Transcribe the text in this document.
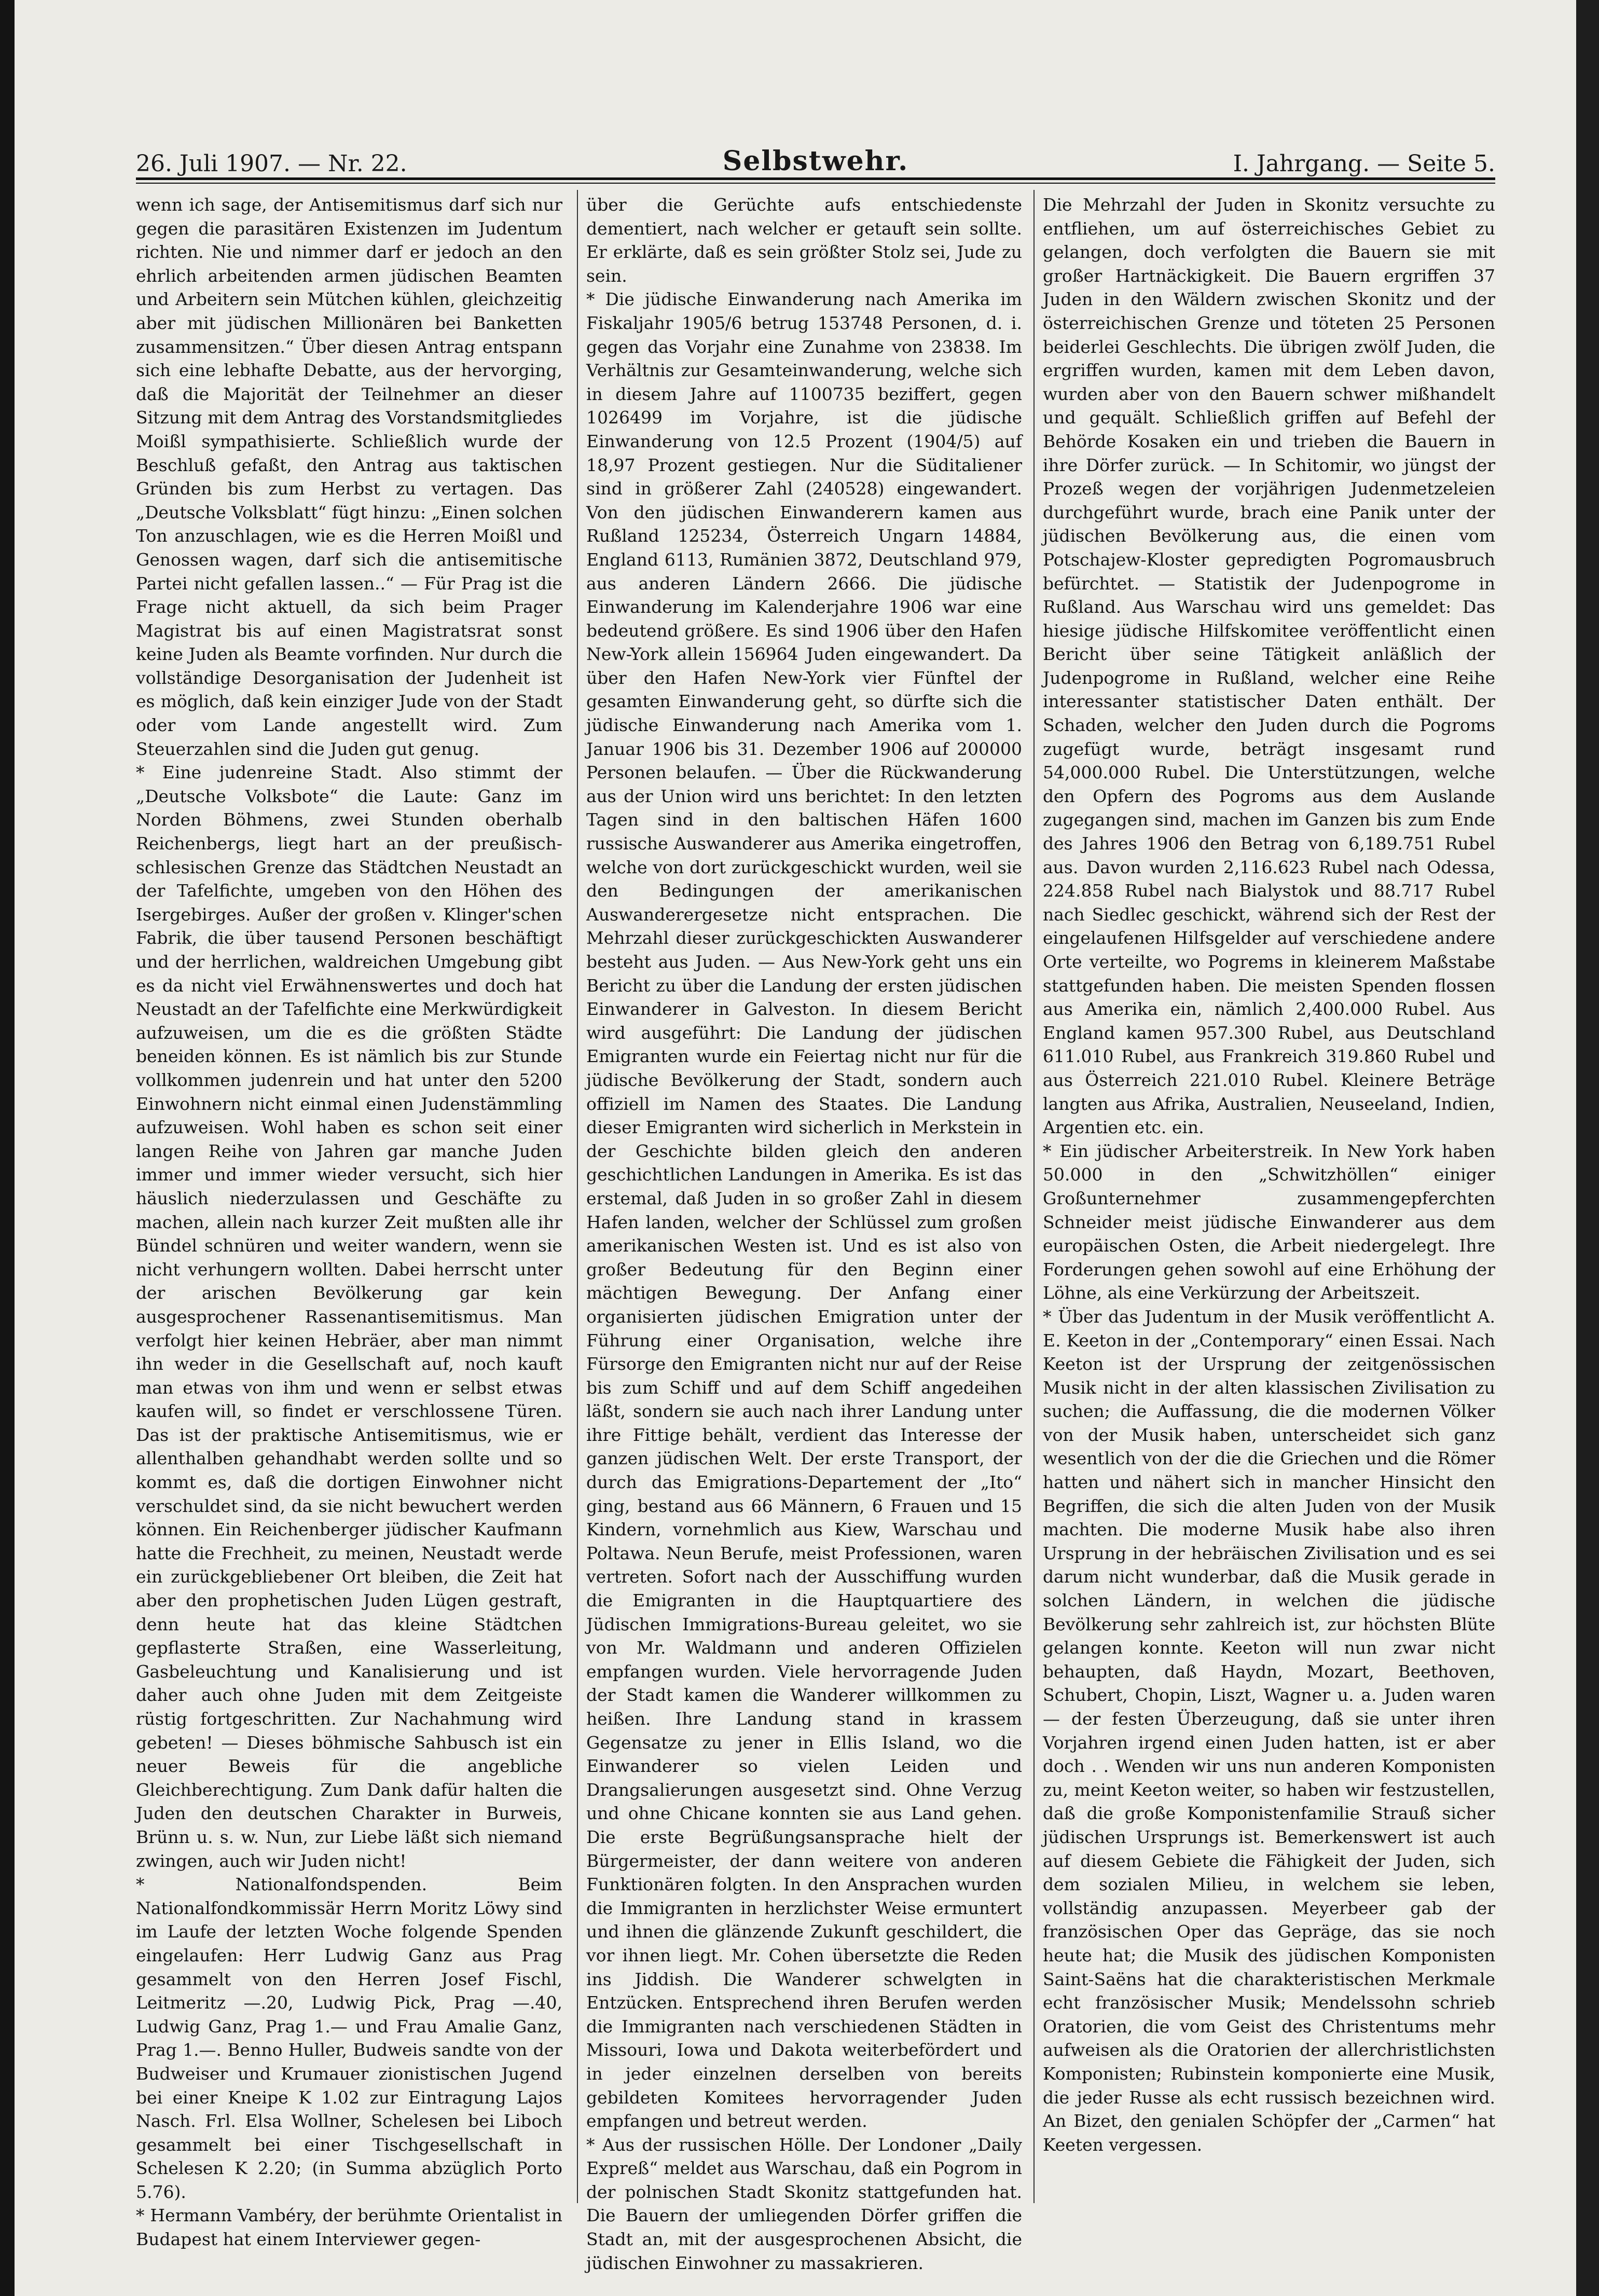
26. Juli 1907. — Nr. 22.	Selbstwehr.	I. Jahrgang. — Seite 5.

wenn ich sage, der Antisemitismus darf sich nur gegen die parasitären Existenzen im Judentum richten. Nie und nimmer darf er jedoch an den ehrlich arbeitenden armen jüdischen Beamten und Arbeitern sein Mütchen kühlen, gleichzeitig aber mit jüdischen Millionären bei Banketten zusammensitzen.“ Über diesen Antrag entspann sich eine lebhafte Debatte, aus der hervorging, daß die Majorität der Teilnehmer an dieser Sitzung mit dem Antrag des Vorstandsmitgliedes Moißl sympathisierte. Schließlich wurde der Beschluß gefaßt, den Antrag aus taktischen Gründen bis zum Herbst zu vertagen. Das „Deutsche Volksblatt“ fügt hinzu: „Einen solchen Ton anzuschlagen, wie es die Herren Moißl und Genossen wagen, darf sich die antisemitische Partei nicht gefallen lassen..“ — Für Prag ist die Frage nicht aktuell, da sich beim Prager Magistrat bis auf einen Magistratsrat sonst keine Juden als Beamte vorfinden. Nur durch die vollständige Desorganisation der Judenheit ist es möglich, daß kein einziger Jude von der Stadt oder vom Lande angestellt wird. Zum Steuerzahlen sind die Juden gut genug.

* Eine judenreine Stadt. Also stimmt der „Deutsche Volksbote“ die Laute: Ganz im Norden Böhmens, zwei Stunden oberhalb Reichenbergs, liegt hart an der preußisch-schlesischen Grenze das Städtchen Neustadt an der Tafelfichte, umgeben von den Höhen des Isergebirges. Außer der großen v. Klinger'schen Fabrik, die über tausend Personen beschäftigt und der herrlichen, waldreichen Umgebung gibt es da nicht viel Erwähnenswertes und doch hat Neustadt an der Tafelfichte eine Merkwürdigkeit aufzuweisen, um die es die größten Städte beneiden können. Es ist nämlich bis zur Stunde vollkommen judenrein und hat unter den 5200 Einwohnern nicht einmal einen Judenstämmling aufzuweisen. Wohl haben es schon seit einer langen Reihe von Jahren gar manche Juden immer und immer wieder versucht, sich hier häuslich niederzulassen und Geschäfte zu machen, allein nach kurzer Zeit mußten alle ihr Bündel schnüren und weiter wandern, wenn sie nicht verhungern wollten. Dabei herrscht unter der arischen Bevölkerung gar kein ausgesprochener Rassenantisemitismus. Man verfolgt hier keinen Hebräer, aber man nimmt ihn weder in die Gesellschaft auf, noch kauft man etwas von ihm und wenn er selbst etwas kaufen will, so findet er verschlossene Türen. Das ist der praktische Antisemitismus, wie er allenthalben gehandhabt werden sollte und so kommt es, daß die dortigen Einwohner nicht verschuldet sind, da sie nicht bewuchert werden können. Ein Reichenberger jüdischer Kaufmann hatte die Frechheit, zu meinen, Neustadt werde ein zurückgebliebener Ort bleiben, die Zeit hat aber den prophetischen Juden Lügen gestraft, denn heute hat das kleine Städtchen gepflasterte Straßen, eine Wasserleitung, Gasbeleuchtung und Kanalisierung und ist daher auch ohne Juden mit dem Zeitgeiste rüstig fortgeschritten. Zur Nachahmung wird gebeten! — Dieses böhmische Sahbusch ist ein neuer Beweis für die angebliche Gleichberechtigung. Zum Dank dafür halten die Juden den deutschen Charakter in Burweis, Brünn u. s. w. Nun, zur Liebe läßt sich niemand zwingen, auch wir Juden nicht!

* Nationalfondspenden. Beim Nationalfondkommissär Herrn Moritz Löwy sind im Laufe der letzten Woche folgende Spenden eingelaufen: Herr Ludwig Ganz aus Prag gesammelt von den Herren Josef Fischl, Leitmeritz —.20, Ludwig Pick, Prag —.40, Ludwig Ganz, Prag 1.— und Frau Amalie Ganz, Prag 1.—. Benno Huller, Budweis sandte von der Budweiser und Krumauer zionistischen Jugend bei einer Kneipe K 1.02 zur Eintragung Lajos Nasch. Frl. Elsa Wollner, Schelesen bei Liboch gesammelt bei einer Tischgesellschaft in Schelesen K 2.20; (in Summa abzüglich Porto 5.76).

* Hermann Vambéry, der berühmte Orientalist in Budapest hat einem Interviewer gegen-

über die Gerüchte aufs entschiedenste dementiert, nach welcher er getauft sein sollte. Er erklärte, daß es sein größter Stolz sei, Jude zu sein.

* Die jüdische Einwanderung nach Amerika im Fiskaljahr 1905/6 betrug 153748 Personen, d. i. gegen das Vorjahr eine Zunahme von 23838. Im Verhältnis zur Gesamteinwanderung, welche sich in diesem Jahre auf 1100735 beziffert, gegen 1026499 im Vorjahre, ist die jüdische Einwanderung von 12.5 Prozent (1904/5) auf 18,97 Prozent gestiegen. Nur die Süditaliener sind in größerer Zahl (240528) eingewandert. Von den jüdischen Einwanderern kamen aus Rußland 125234, Österreich Ungarn 14884, England 6113, Rumänien 3872, Deutschland 979, aus anderen Ländern 2666. Die jüdische Einwanderung im Kalenderjahre 1906 war eine bedeutend größere. Es sind 1906 über den Hafen New-York allein 156964 Juden eingewandert. Da über den Hafen New-York vier Fünftel der gesamten Einwanderung geht, so dürfte sich die jüdische Einwanderung nach Amerika vom 1. Januar 1906 bis 31. Dezember 1906 auf 200000 Personen belaufen. — Über die Rückwanderung aus der Union wird uns berichtet: In den letzten Tagen sind in den baltischen Häfen 1600 russische Auswanderer aus Amerika eingetroffen, welche von dort zurückgeschickt wurden, weil sie den Bedingungen der amerikanischen Auswanderergesetze nicht entsprachen. Die Mehrzahl dieser zurückgeschickten Auswanderer besteht aus Juden. — Aus New-York geht uns ein Bericht zu über die Landung der ersten jüdischen Einwanderer in Galveston. In diesem Bericht wird ausgeführt: Die Landung der jüdischen Emigranten wurde ein Feiertag nicht nur für die jüdische Bevölkerung der Stadt, sondern auch offiziell im Namen des Staates. Die Landung dieser Emigranten wird sicherlich in Merkstein in der Geschichte bilden gleich den anderen geschichtlichen Landungen in Amerika. Es ist das erstemal, daß Juden in so großer Zahl in diesem Hafen landen, welcher der Schlüssel zum großen amerikanischen Westen ist. Und es ist also von großer Bedeutung für den Beginn einer mächtigen Bewegung. Der Anfang einer organisierten jüdischen Emigration unter der Führung einer Organisation, welche ihre Fürsorge den Emigranten nicht nur auf der Reise bis zum Schiff und auf dem Schiff angedeihen läßt, sondern sie auch nach ihrer Landung unter ihre Fittige behält, verdient das Interesse der ganzen jüdischen Welt. Der erste Transport, der durch das Emigrations-Departement der „Ito“ ging, bestand aus 66 Männern, 6 Frauen und 15 Kindern, vornehmlich aus Kiew, Warschau und Poltawa. Neun Berufe, meist Professionen, waren vertreten. Sofort nach der Ausschiffung wurden die Emigranten in die Hauptquartiere des Jüdischen Immigrations-Bureau geleitet, wo sie von Mr. Waldmann und anderen Offizielen empfangen wurden. Viele hervorragende Juden der Stadt kamen die Wanderer willkommen zu heißen. Ihre Landung stand in krassem Gegensatze zu jener in Ellis Island, wo die Einwanderer so vielen Leiden und Drangsalierungen ausgesetzt sind. Ohne Verzug und ohne Chicane konnten sie aus Land gehen. Die erste Begrüßungsansprache hielt der Bürgermeister, der dann weitere von anderen Funktionären folgten. In den Ansprachen wurden die Immigranten in herzlichster Weise ermuntert und ihnen die glänzende Zukunft geschildert, die vor ihnen liegt. Mr. Cohen übersetzte die Reden ins Jiddish. Die Wanderer schwelgten in Entzücken. Entsprechend ihren Berufen werden die Immigranten nach verschiedenen Städten in Missouri, Iowa und Dakota weiterbefördert und in jeder einzelnen derselben von bereits gebildeten Komitees hervorragender Juden empfangen und betreut werden.

* Aus der russischen Hölle. Der Londoner „Daily Expreß“ meldet aus Warschau, daß ein Pogrom in der polnischen Stadt Skonitz stattgefunden hat. Die Bauern der umliegenden Dörfer griffen die Stadt an, mit der ausgesprochenen Absicht, die jüdischen Einwohner zu massakrieren.

Die Mehrzahl der Juden in Skonitz versuchte zu entfliehen, um auf österreichisches Gebiet zu gelangen, doch verfolgten die Bauern sie mit großer Hartnäckigkeit. Die Bauern ergriffen 37 Juden in den Wäldern zwischen Skonitz und der österreichischen Grenze und töteten 25 Personen beiderlei Geschlechts. Die übrigen zwölf Juden, die ergriffen wurden, kamen mit dem Leben davon, wurden aber von den Bauern schwer mißhandelt und gequält. Schließlich griffen auf Befehl der Behörde Kosaken ein und trieben die Bauern in ihre Dörfer zurück. — In Schitomir, wo jüngst der Prozeß wegen der vorjährigen Judenmetzeleien durchgeführt wurde, brach eine Panik unter der jüdischen Bevölkerung aus, die einen vom Potschajew-Kloster gepredigten Pogromausbruch befürchtet. — Statistik der Judenpogrome in Rußland. Aus Warschau wird uns gemeldet: Das hiesige jüdische Hilfskomitee veröffentlicht einen Bericht über seine Tätigkeit anläßlich der Judenpogrome in Rußland, welcher eine Reihe interessanter statistischer Daten enthält. Der Schaden, welcher den Juden durch die Pogroms zugefügt wurde, beträgt insgesamt rund 54,000.000 Rubel. Die Unterstützungen, welche den Opfern des Pogroms aus dem Auslande zugegangen sind, machen im Ganzen bis zum Ende des Jahres 1906 den Betrag von 6,189.751 Rubel aus. Davon wurden 2,116.623 Rubel nach Odessa, 224.858 Rubel nach Bialystok und 88.717 Rubel nach Siedlec geschickt, während sich der Rest der eingelaufenen Hilfsgelder auf verschiedene andere Orte verteilte, wo Pogrems in kleinerem Maßstabe stattgefunden haben. Die meisten Spenden flossen aus Amerika ein, nämlich 2,400.000 Rubel. Aus England kamen 957.300 Rubel, aus Deutschland 611.010 Rubel, aus Frankreich 319.860 Rubel und aus Österreich 221.010 Rubel. Kleinere Beträge langten aus Afrika, Australien, Neuseeland, Indien, Argentien etc. ein.

* Ein jüdischer Arbeiterstreik. In New York haben 50.000 in den „Schwitzhöllen“ einiger Großunternehmer zusammengepferchten Schneider meist jüdische Einwanderer aus dem europäischen Osten, die Arbeit niedergelegt. Ihre Forderungen gehen sowohl auf eine Erhöhung der Löhne, als eine Verkürzung der Arbeitszeit.

* Über das Judentum in der Musik veröffentlicht A. E. Keeton in der „Contemporary“ einen Essai. Nach Keeton ist der Ursprung der zeitgenössischen Musik nicht in der alten klassischen Zivilisation zu suchen; die Auffassung, die die modernen Völker von der Musik haben, unterscheidet sich ganz wesentlich von der die die Griechen und die Römer hatten und nähert sich in mancher Hinsicht den Begriffen, die sich die alten Juden von der Musik machten. Die moderne Musik habe also ihren Ursprung in der hebräischen Zivilisation und es sei darum nicht wunderbar, daß die Musik gerade in solchen Ländern, in welchen die jüdische Bevölkerung sehr zahlreich ist, zur höchsten Blüte gelangen konnte. Keeton will nun zwar nicht behaupten, daß Haydn, Mozart, Beethoven, Schubert, Chopin, Liszt, Wagner u. a. Juden waren — der festen Überzeugung, daß sie unter ihren Vorjahren irgend einen Juden hatten, ist er aber doch . . Wenden wir uns nun anderen Komponisten zu, meint Keeton weiter, so haben wir festzustellen, daß die große Komponistenfamilie Strauß sicher jüdischen Ursprungs ist. Bemerkenswert ist auch auf diesem Gebiete die Fähigkeit der Juden, sich dem sozialen Milieu, in welchem sie leben, vollständig anzupassen. Meyerbeer gab der französischen Oper das Gepräge, das sie noch heute hat; die Musik des jüdischen Komponisten Saint-Saëns hat die charakteristischen Merkmale echt französischer Musik; Mendelssohn schrieb Oratorien, die vom Geist des Christentums mehr aufweisen als die Oratorien der allerchristlichsten Komponisten; Rubinstein komponierte eine Musik, die jeder Russe als echt russisch bezeichnen wird. An Bizet, den genialen Schöpfer der „Carmen“ hat Keeten vergessen.
